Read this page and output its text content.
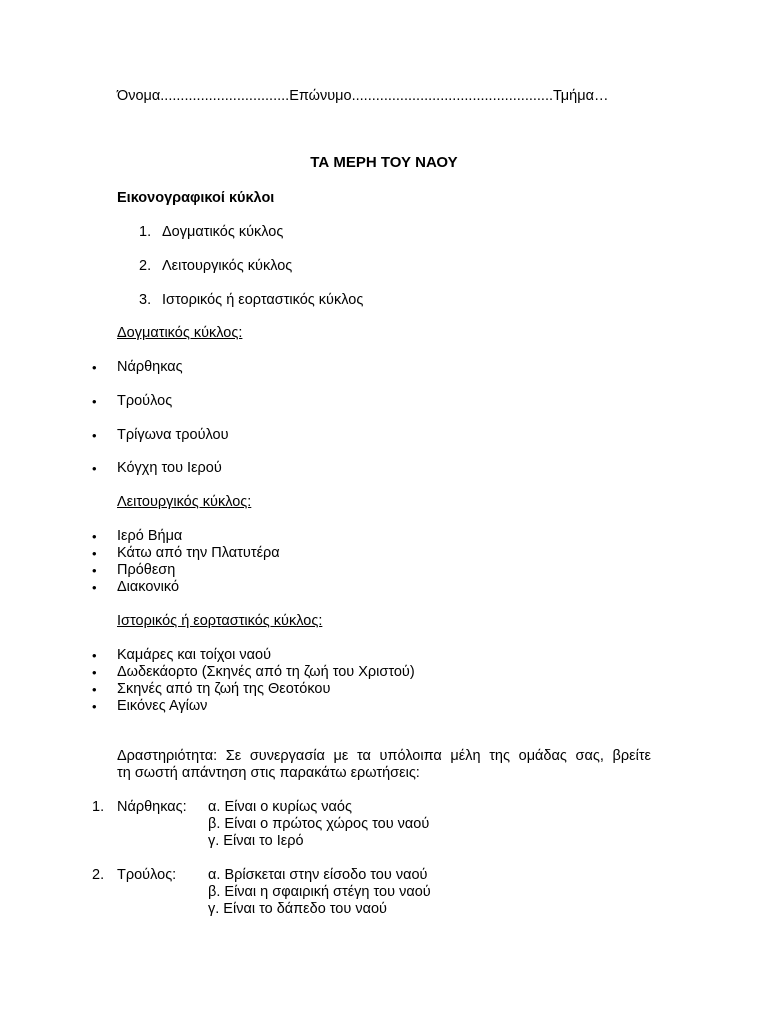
Όνομα................................Επώνυμο..................................................Τμήμα…
ΤΑ ΜΕΡΗ ΤΟΥ ΝΑΟΥ
Εικονογραφικοί κύκλοι
1. Δογματικός κύκλος
2. Λειτουργικός κύκλος
3. Ιστορικός ή εορταστικός κύκλος
Δογματικός κύκλος:
• Νάρθηκας
• Τρούλος
• Τρίγωνα τρούλου
• Κόγχη του Ιερού
Λειτουργικός κύκλος:
• Ιερό Βήμα
• Κάτω από την Πλατυτέρα
• Πρόθεση
• Διακονικό
Ιστορικός ή εορταστικός κύκλος:
• Καμάρες και τοίχοι ναού
• Δωδεκάορτο (Σκηνές από τη ζωή του Χριστού)
• Σκηνές από τη ζωή της Θεοτόκου
• Εικόνες Αγίων
Δραστηριότητα: Σε συνεργασία με τα υπόλοιπα μέλη της ομάδας σας, βρείτε
τη σωστή απάντηση στις παρακάτω ερωτήσεις:
1. Νάρθηκας: α. Είναι ο κυρίως ναός
β. Είναι ο πρώτος χώρος του ναού
γ. Είναι το Ιερό
2. Τρούλος: α. Βρίσκεται στην είσοδο του ναού
β. Είναι η σφαιρική στέγη του ναού
γ. Είναι το δάπεδο του ναού
